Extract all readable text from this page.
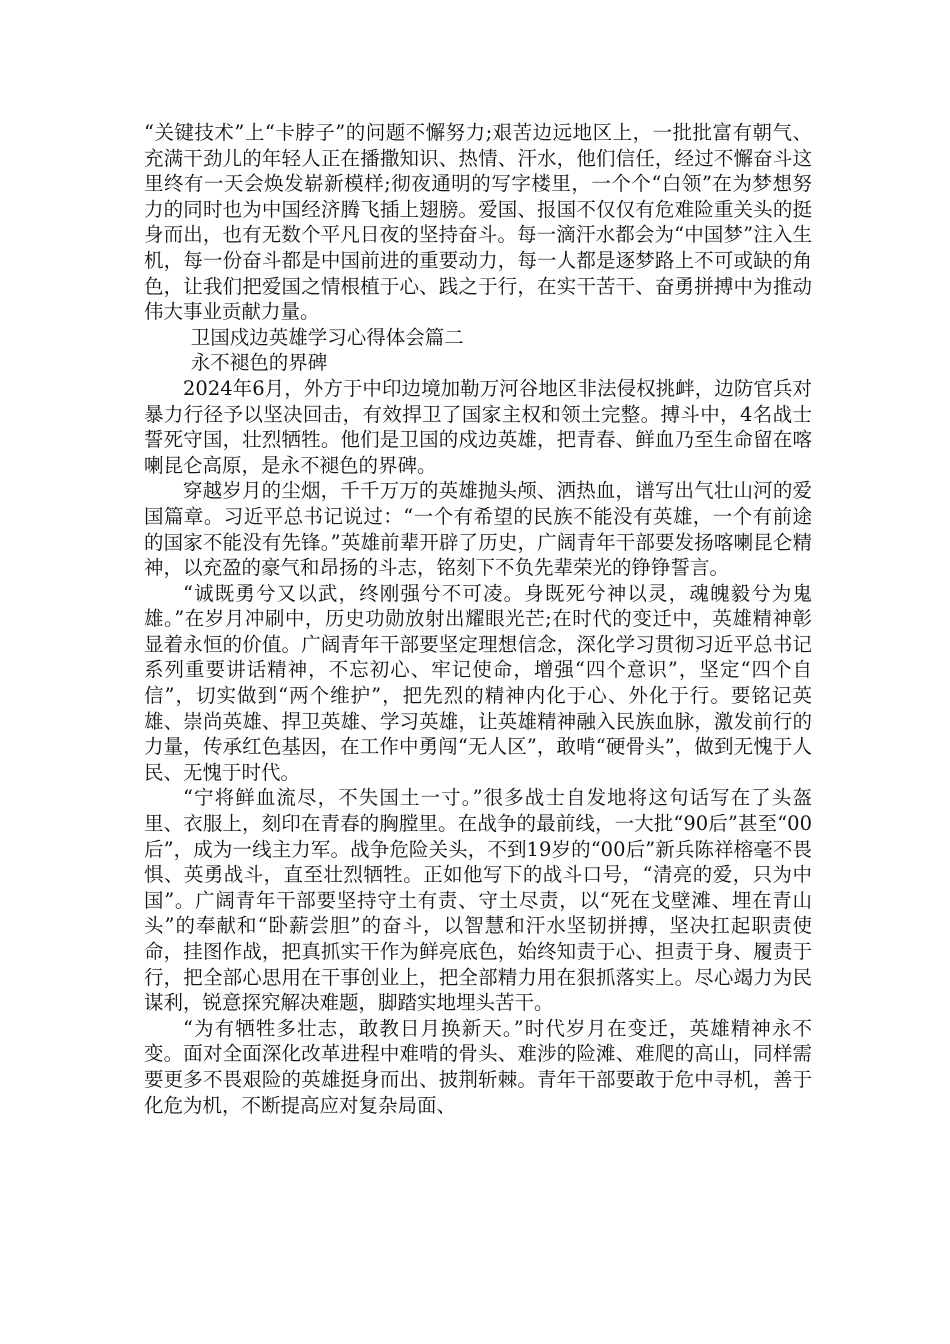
“关键技术”上“卡脖子”的问题不懈努力;艰苦边远地区上，一批批富有朝气、充满干劲儿的年轻人正在播撒知识、热情、汗水，他们信任，经过不懈奋斗这里终有一天会焕发崭新模样;彻夜通明的写字楼里，一个个“白领”在为梦想努力的同时也为中国经济腾飞插上翅膀。爱国、报国不仅仅有危难险重关头的挺身而出，也有无数个平凡日夜的坚持奋斗。每一滴汗水都会为“中国梦”注入生机，每一份奋斗都是中国前进的重要动力，每一人都是逐梦路上不可或缺的角色，让我们把爱国之情根植于心、践之于行，在实干苦干、奋勇拼搏中为推动伟大事业贡献力量。

卫国戍边英雄学习心得体会篇二

永不褪色的界碑

2024年6月，外方于中印边境加勒万河谷地区非法侵权挑衅，边防官兵对暴力行径予以坚决回击，有效捍卫了国家主权和领土完整。搏斗中，4名战士誓死守国，壮烈牺牲。他们是卫国的戍边英雄，把青春、鲜血乃至生命留在喀喇昆仑高原，是永不褪色的界碑。

穿越岁月的尘烟，千千万万的英雄抛头颅、洒热血，谱写出气壮山河的爱国篇章。习近平总书记说过：“一个有希望的民族不能没有英雄，一个有前途的国家不能没有先锋。”英雄前辈开辟了历史，广阔青年干部要发扬喀喇昆仑精神，以充盈的豪气和昂扬的斗志，铭刻下不负先辈荣光的铮铮誓言。

“诚既勇兮又以武，终刚强兮不可凌。身既死兮神以灵，魂魄毅兮为鬼雄。”在岁月冲刷中，历史功勋放射出耀眼光芒;在时代的变迁中，英雄精神彰显着永恒的价值。广阔青年干部要坚定理想信念，深化学习贯彻习近平总书记系列重要讲话精神，不忘初心、牢记使命，增强“四个意识”，坚定“四个自信”，切实做到“两个维护”，把先烈的精神内化于心、外化于行。要铭记英雄、崇尚英雄、捍卫英雄、学习英雄，让英雄精神融入民族血脉，激发前行的力量，传承红色基因，在工作中勇闯“无人区”，敢啃“硬骨头”，做到无愧于人民、无愧于时代。

“宁将鲜血流尽，不失国土一寸。”很多战士自发地将这句话写在了头盔里、衣服上，刻印在青春的胸膛里。在战争的最前线，一大批“90后”甚至“00后”，成为一线主力军。战争危险关头，不到19岁的“00后”新兵陈祥榕毫不畏惧、英勇战斗，直至壮烈牺牲。正如他写下的战斗口号，“清亮的爱，只为中国”。广阔青年干部要坚持守土有责、守土尽责，以“死在戈壁滩、埋在青山头”的奉献和“卧薪尝胆”的奋斗，以智慧和汗水坚韧拼搏，坚决扛起职责使命，挂图作战，把真抓实干作为鲜亮底色，始终知责于心、担责于身、履责于行，把全部心思用在干事创业上，把全部精力用在狠抓落实上。尽心竭力为民谋利，锐意探究解决难题，脚踏实地埋头苦干。

“为有牺牲多壮志，敢教日月换新天。”时代岁月在变迁，英雄精神永不变。面对全面深化改革进程中难啃的骨头、难涉的险滩、难爬的高山，同样需要更多不畏艰险的英雄挺身而出、披荆斩棘。青年干部要敢于危中寻机，善于化危为机，不断提高应对复杂局面、
